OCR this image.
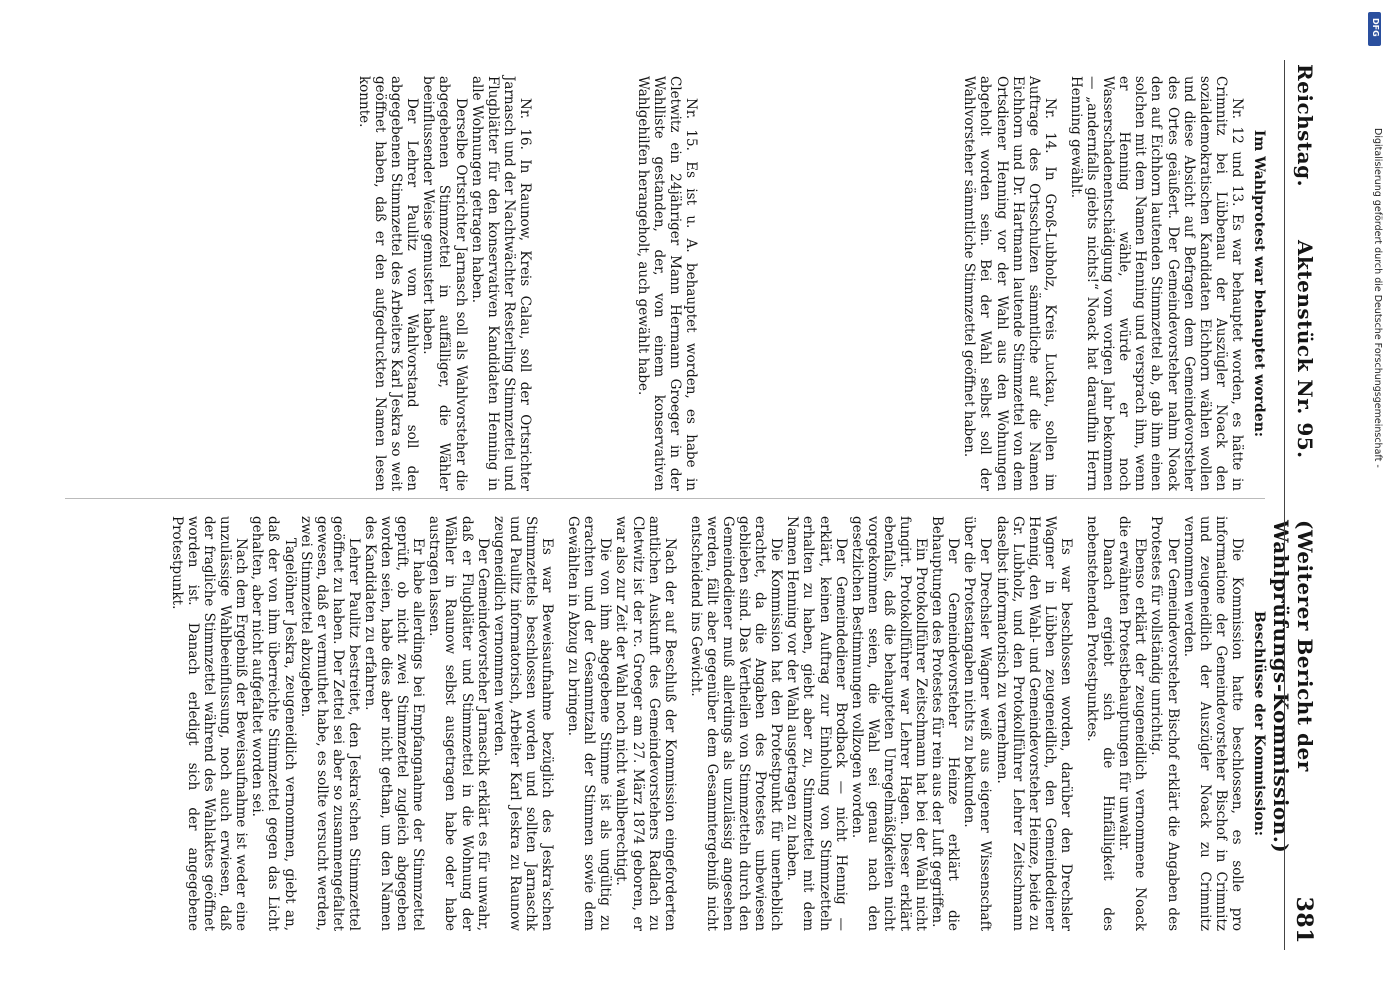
Reichstag.
Aktenstück Nr. 95.
(Weiterer Bericht der Wahlprüfungs-Kommission.)
381
Im Wahlprotest war behauptet worden:

Nr. 12 und 13. Es war behauptet worden, es hätte in Crimnitz bei Lübbenau der Auszügler Noack den sozialdemokratischen Kandidaten Eichhorn wählen wollen und diese Absicht auf Befragen dem Gemeindevorsteher des Ortes geäußert. Der Gemeindevorsteher nahm Noack den auf Eichhorn lautenden Stimmzettel ab, gab ihm einen solchen mit dem Namen Henning und versprach ihm, wenn er Henning wähle, würde er noch Wasserschadenentschädigung vom vorigen Jahr bekommen — „andernfalls giebts nichts!“ Noack hat daraufhin Herrn Henning gewählt.

Nr. 14. In Groß-Lubholz, Kreis Luckau, sollen im Auftrage des Ortsschulzen sämmtliche auf die Namen Eichhorn und Dr. Hartmann lautende Stimmzettel von dem Ortsdiener Henning vor der Wahl aus den Wohnungen abgeholt worden sein. Bei der Wahl selbst soll der Wahlvorsteher sämmtliche Stimmzettel geöffnet haben.

Nr. 15. Es ist u. A. behauptet worden, es habe in Cletwitz ein 24jähriger Mann Hermann Groeger in der Wahlliste gestanden, der, von einem konservativen Wahlgehilfen herangeholt, auch gewählt habe.

Nr. 16. In Raunow, Kreis Calau, soll der Ortsrichter Jarnasch und der Nachtwächter Resterling Stimmzettel und Flugblätter für den konservativen Kandidaten Henning in alle Wohnungen getragen haben.

Derselbe Ortsrichter Jarnasch soll als Wahlvorsteher die abgegebenen Stimmzettel in auffälliger, die Wähler beeinflussender Weise gemustert haben.

Der Lehrer Paulitz vom Wahlvorstand soll den abgegebenen Stimmzettel des Arbeiters Karl Jeskra so weit geöffnet haben, daß er den aufgedruckten Namen lesen konnte.

Beschlüsse der Kommission:

Die Kommission hatte beschlossen, es solle pro informatione der Gemeindevorsteher Bischof in Crimnitz und zeugeneidlich der Auszügler Noack zu Crimnitz vernommen werden.

Der Gemeindevorsteher Bischof erklärt die Angaben des Protestes für vollständig unrichtig.

Ebenso erklärt der zeugeneidlich vernommene Noack die erwähnten Protestbehauptungen für unwahr.

Danach ergiebt sich die Hinfälligkeit des nebenstehenden Protestpunktes.

Es war beschlossen worden, darüber den Drechsler Wagner in Lübben zeugeneidlich, den Gemeindediener Hennig, den Wahl- und Gemeindevorsteher Heinze, beide zu Gr. Lubholz, und den Protokollführer Lehrer Zeitschmann daselbst informatorisch zu vernehmen.

Der Drechsler Wagner weiß aus eigener Wissenschaft über die Protestangaben nichts zu bekunden.

Der Gemeindevorsteher Heinze erklärt die Behauptungen des Protestes für rein aus der Luft gegriffen.

Ein Protokollführer Zeitschmann hat bei der Wahl nicht fungirt. Protokollführer war Lehrer Hagen. Dieser erklärt ebenfalls, daß die behaupteten Unregelmäßigkeiten nicht vorgekommen seien, die Wahl sei genau nach den gesetzlichen Bestimmungen vollzogen worden.

Der Gemeindediener Brodback — nicht Hennig — erklärt, keinen Auftrag zur Einholung von Stimmzetteln erhalten zu haben, giebt aber zu, Stimmzettel mit dem Namen Henning vor der Wahl ausgetragen zu haben.

Die Kommission hat den Protestpunkt für unerheblich erachtet, da die Angaben des Protestes unbewiesen geblieben sind. Das Vertheilen von Stimmzetteln durch den Gemeindediener muß allerdings als unzulässig angesehen werden, fällt aber gegenüber dem Gesammtergebniß nicht entscheidend ins Gewicht.

Nach der auf Beschluß der Kommission eingeforderten amtlichen Auskunft des Gemeindevorstehers Radlach zu Cletwitz ist der rc. Groeger am 27. März 1874 geboren, er war also zur Zeit der Wahl noch nicht wahlberechtigt.

Die von ihm abgegebene Stimme ist als ungültig zu erachten und der Gesammtzahl der Stimmen sowie dem Gewählten in Abzug zu bringen.

Es war Beweisaufnahme bezüglich des Jeskra'schen Stimmzettels beschlossen worden und sollten Jarnaschk und Paulitz informatorisch, Arbeiter Karl Jeskra zu Raunow zeugeneidlich vernommen werden.

Der Gemeindevorsteher Jarnaschk erklärt es für unwahr, daß er Flugblätter und Stimmzettel in die Wohnung der Wähler in Raunow selbst ausgetragen habe oder habe austragen lassen.

Er habe allerdings bei Empfangnahme der Stimmzettel geprüft, ob nicht zwei Stimmzettel zugleich abgegeben worden seien, habe dies aber nicht gethan, um den Namen des Kandidaten zu erfahren.

Lehrer Paulitz bestreitet, den Jeskra'schen Stimmzettel geöffnet zu haben. Der Zettel sei aber so zusammengefaltet gewesen, daß er vermuthet habe, es sollte versucht werden, zwei Stimmzettel abzugeben.

Tagelöhner Jeskra, zeugeneidlich vernommen, giebt an, daß der von ihm überreichte Stimmzettel gegen das Licht gehalten, aber nicht aufgefaltet worden sei.

Nach dem Ergebniß der Beweisaufnahme ist weder eine unzulässige Wahlbeeinflussung, noch auch erwiesen, daß der fragliche Stimmzettel während des Wahlaktes geöffnet worden ist. Danach erledigt sich der angegebene Protestpunkt.

DFG
Digitalisierung gefördert durch die Deutsche Forschungsgemeinschaft -
